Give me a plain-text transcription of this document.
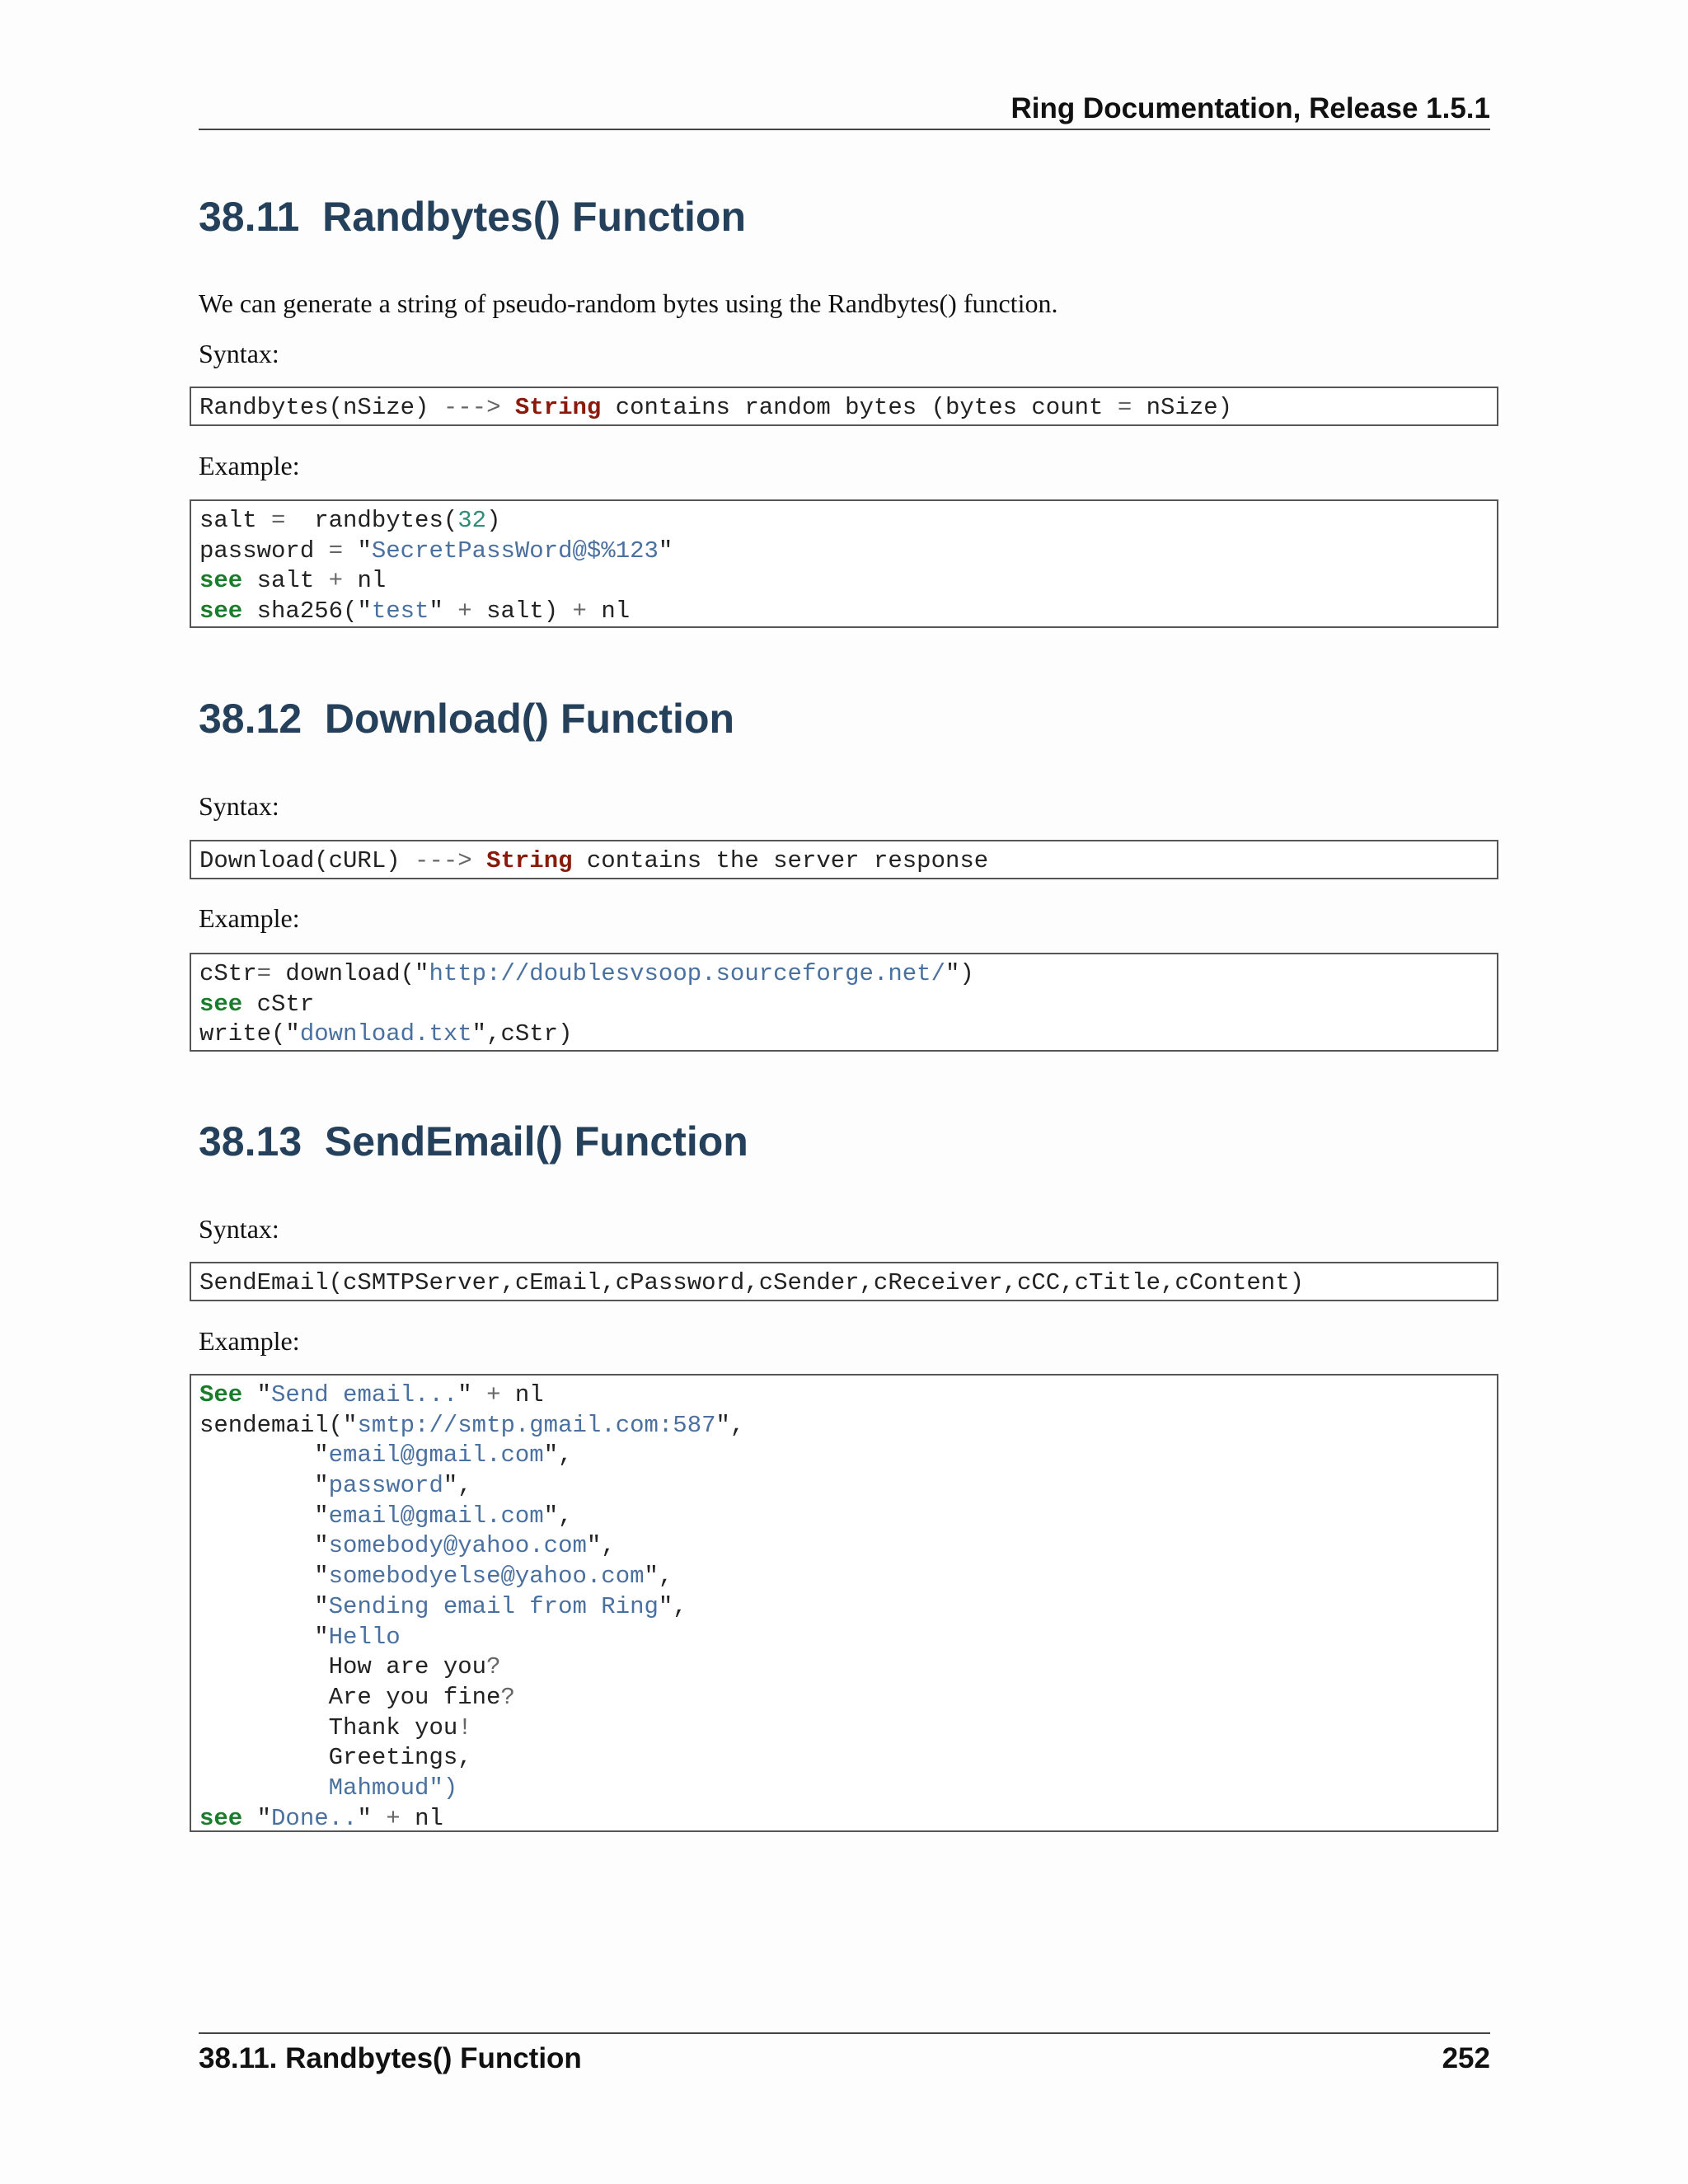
Ring Documentation, Release 1.5.1
38.11  Randbytes() Function

We can generate a string of pseudo-random bytes using the Randbytes() function.

Syntax:

Randbytes(nSize) ---> String contains random bytes (bytes count = nSize)

Example:

salt =  randbytes(32)
password = "SecretPassWord@$%123"
see salt + nl
see sha256("test" + salt) + nl
38.12  Download() Function

Syntax:

Download(cURL) ---> String contains the server response

Example:

cStr= download("http://doublesvsoop.sourceforge.net/")
see cStr
write("download.txt",cStr)
38.13  SendEmail() Function

Syntax:

SendEmail(cSMTPServer,cEmail,cPassword,cSender,cReceiver,cCC,cTitle,cContent)

Example:

See "Send email..." + nl
sendemail("smtp://smtp.gmail.com:587",
"email@gmail.com",
"password",
"email@gmail.com",
"somebody@yahoo.com",
"somebodyelse@yahoo.com",
"Sending email from Ring",
"Hello
How are you?
Are you fine?
Thank you!
Greetings,
Mahmoud")
see "Done.." + nl
38.11. Randbytes() Function	252
